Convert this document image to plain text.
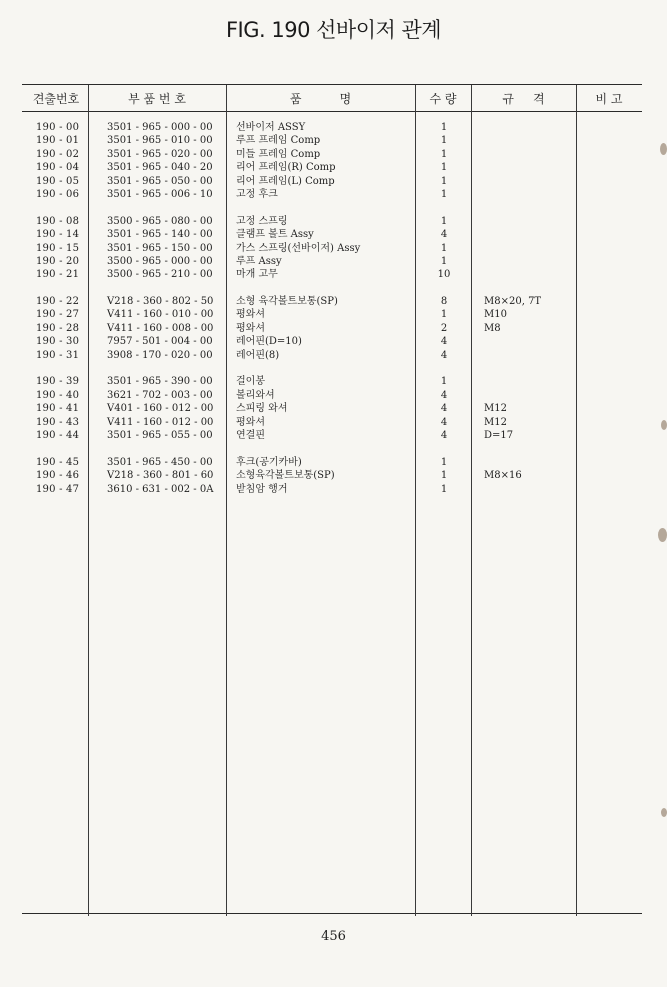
FIG. 190 선바이저 관계
견출번호	부 품 번 호	품          명	수 량	규     격	비 고
190 - 00	3501 - 965 - 000 - 00	선바이저 ASSY	1
190 - 01	3501 - 965 - 010 - 00	루프 프레임 Comp	1
190 - 02	3501 - 965 - 020 - 00	미들 프레임 Comp	1
190 - 04	3501 - 965 - 040 - 20	리어 프레임(R) Comp	1
190 - 05	3501 - 965 - 050 - 00	리어 프레임(L) Comp	1
190 - 06	3501 - 965 - 006 - 10	고정 후크	1
190 - 08	3500 - 965 - 080 - 00	고정 스프링	1
190 - 14	3501 - 965 - 140 - 00	클램프 볼트 Assy	4
190 - 15	3501 - 965 - 150 - 00	가스 스프링(선바이저) Assy	1
190 - 20	3500 - 965 - 000 - 00	루프 Assy	1
190 - 21	3500 - 965 - 210 - 00	마개 고무	10
190 - 22	V218 - 360 - 802 - 50	소형 육각볼트보통(SP)	8	M8×20, 7T
190 - 27	V411 - 160 - 010 - 00	평와셔	1	M10
190 - 28	V411 - 160 - 008 - 00	평와셔	2	M8
190 - 30	7957 - 501 - 004 - 00	레어핀(D=10)	4
190 - 31	3908 - 170 - 020 - 00	레어핀(8)	4
190 - 39	3501 - 965 - 390 - 00	걸이봉	1
190 - 40	3621 - 702 - 003 - 00	볼리와셔	4
190 - 41	V401 - 160 - 012 - 00	스피링 와셔	4	M12
190 - 43	V411 - 160 - 012 - 00	평와셔	4	M12
190 - 44	3501 - 965 - 055 - 00	연결핀	4	D=17
190 - 45	3501 - 965 - 450 - 00	후크(공기카바)	1
190 - 46	V218 - 360 - 801 - 60	소형육각볼트보통(SP)	1	M8×16
190 - 47	3610 - 631 - 002 - 0A	받침암 행거	1
456
